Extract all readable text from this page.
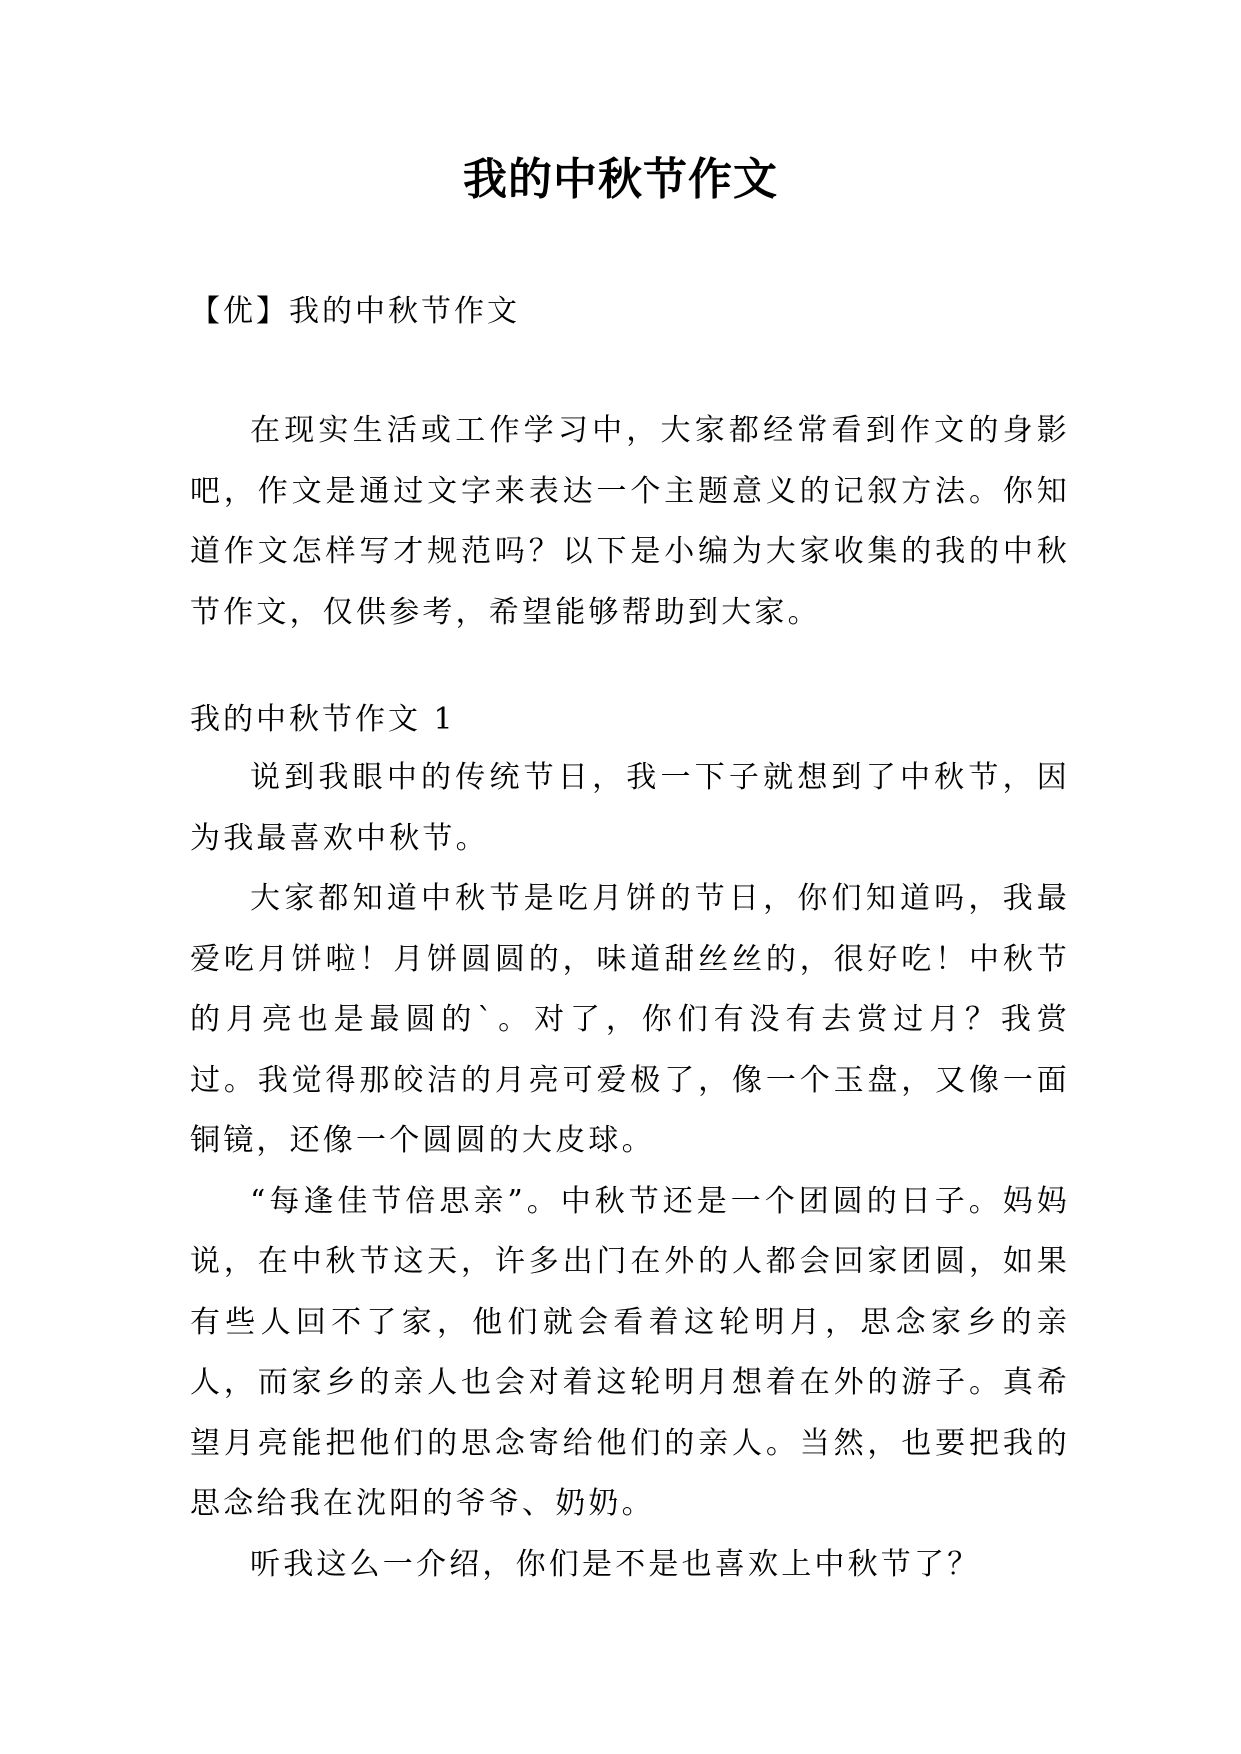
我的中秋节作文
【优】我的中秋节作文

在现实生活或工作学习中，大家都经常看到作文的身影吧，作文是通过文字来表达一个主题意义的记叙方法。你知道作文怎样写才规范吗？以下是小编为大家收集的我的中秋节作文，仅供参考，希望能够帮助到大家。

我的中秋节作文 1

说到我眼中的传统节日，我一下子就想到了中秋节，因为我最喜欢中秋节。

大家都知道中秋节是吃月饼的节日，你们知道吗，我最爱吃月饼啦！月饼圆圆的，味道甜丝丝的，很好吃！中秋节的月亮也是最圆的`。对了，你们有没有去赏过月？我赏过。我觉得那皎洁的月亮可爱极了，像一个玉盘，又像一面铜镜，还像一个圆圆的大皮球。

“每逢佳节倍思亲”。中秋节还是一个团圆的日子。妈妈说，在中秋节这天，许多出门在外的人都会回家团圆，如果有些人回不了家，他们就会看着这轮明月，思念家乡的亲人，而家乡的亲人也会对着这轮明月想着在外的游子。真希望月亮能把他们的思念寄给他们的亲人。当然，也要把我的思念给我在沈阳的爷爷、奶奶。

听我这么一介绍，你们是不是也喜欢上中秋节了？
